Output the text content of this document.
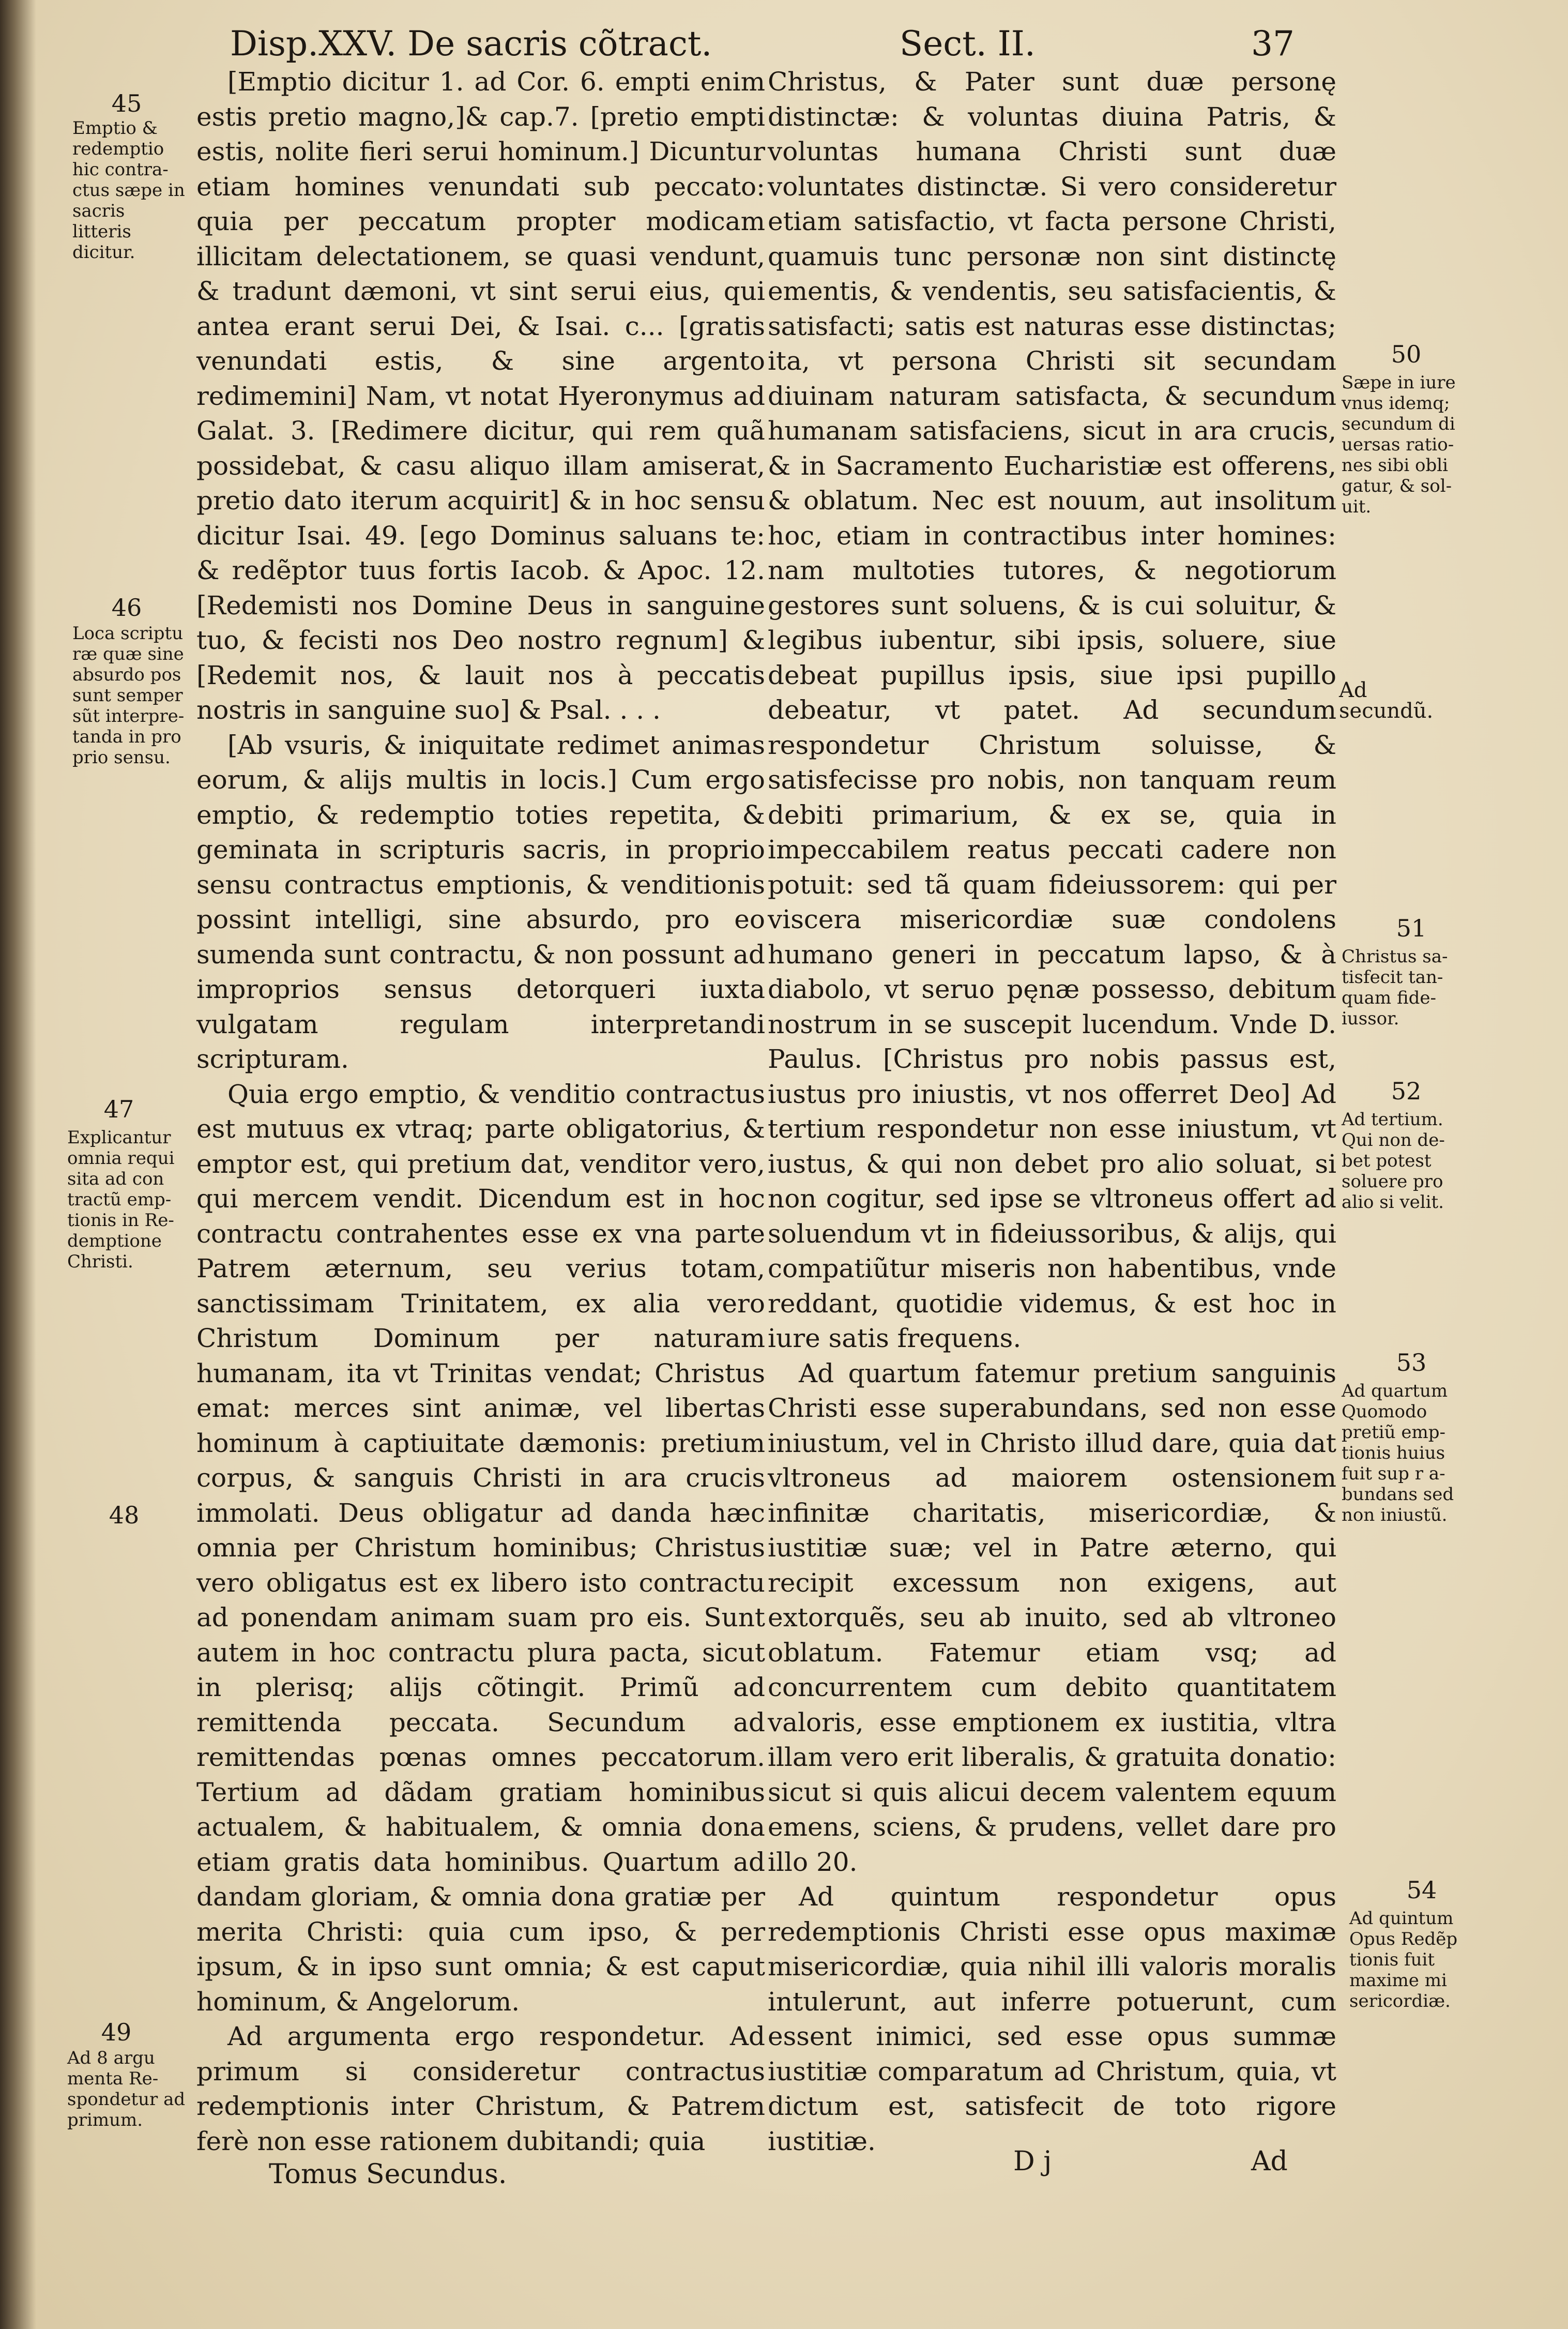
Disp.XXV. De sacris cõtract.	Sect. II.	37
45
Emptio & redemptio hic contra- ctus sæpe in sacris litteris dicitur.
46
Loca scriptu ræ quæ sine absurdo pos sunt semper sũt interpre- tanda in pro prio sensu.
47
Explicantur omnia requi sita ad con tractũ emp- tionis in Re- demptione Christi.
48
49
Ad 8 argu menta Re- spondetur ad primum.

[Emptio dicitur 1. ad Cor. 6. empti enim estis pretio magno,]& cap.7. [pretio empti estis, nolite fieri serui hominum.] Dicuntur etiam homines venundati sub peccato: quia per peccatum propter modicam illicitam delectationem, se quasi vendunt, & tradunt dæmoni, vt sint serui eius, qui antea erant serui Dei, & Isai. c... [gratis venundati estis, & sine argento redimemini] Nam, vt notat Hyeronymus ad Galat. 3. [Redimere dicitur, qui rem quã possidebat, & casu aliquo illam amiserat, pretio dato iterum acquirit] & in hoc sensu dicitur Isai. 49. [ego Dominus saluans te: & redẽptor tuus fortis Iacob. & Apoc. 12. [Redemisti nos Domine Deus in sanguine tuo, & fecisti nos Deo nostro regnum] & [Redemit nos, & lauit nos à peccatis nostris in sanguine suo] & Psal. . . .

[Ab vsuris, & iniquitate redimet animas eorum, & alijs multis in locis.] Cum ergo emptio, & redemptio toties repetita, & geminata in scripturis sacris, in proprio sensu contractus emptionis, & venditionis possint intelligi, sine absurdo, pro eo sumenda sunt contractu, & non possunt ad improprios sensus detorqueri iuxta vulgatam regulam interpretandi scripturam.

Quia ergo emptio, & venditio contractus est mutuus ex vtraq; parte obligatorius, & emptor est, qui pretium dat, venditor vero, qui mercem vendit. Dicendum est in hoc contractu contrahentes esse ex vna parte Patrem æternum, seu verius totam, sanctissimam Trinitatem, ex alia vero Christum Dominum per naturam humanam, ita vt Trinitas vendat; Christus emat: merces sint animæ, vel libertas hominum à captiuitate dæmonis: pretium corpus, & sanguis Christi in ara crucis immolati. Deus obligatur ad danda hæc omnia per Christum hominibus; Christus vero obligatus est ex libero isto contractu ad ponendam animam suam pro eis. Sunt autem in hoc contractu plura pacta, sicut in plerisq; alijs cõtingit. Primũ ad remittenda peccata. Secundum ad remittendas pœnas omnes peccatorum. Tertium ad dãdam gratiam hominibus actualem, & habitualem, & omnia dona etiam gratis data hominibus. Quartum ad dandam gloriam, & omnia dona gratiæ per merita Christi: quia cum ipso, & per ipsum, & in ipso sunt omnia; & est caput hominum, & Angelorum.

Ad argumenta ergo respondetur. Ad primum si consideretur contractus redemptionis inter Christum, & Patrem ferè non esse rationem dubitandi; quia

Christus, & Pater sunt duæ personę distinctæ: & voluntas diuina Patris, & voluntas humana Christi sunt duæ voluntates distinctæ. Si vero consideretur etiam satisfactio, vt facta persone Christi, quamuis tunc personæ non sint distinctę ementis, & vendentis, seu satisfacientis, & satisfacti; satis est naturas esse distinctas; ita, vt persona Christi sit secundam diuinam naturam satisfacta, & secundum humanam satisfaciens, sicut in ara crucis, & in Sacramento Eucharistiæ est offerens, & oblatum. Nec est nouum, aut insolitum hoc, etiam in contractibus inter homines: nam multoties tutores, & negotiorum gestores sunt soluens, & is cui soluitur, & legibus iubentur, sibi ipsis, soluere, siue debeat pupillus ipsis, siue ipsi pupillo debeatur, vt patet. Ad secundum respondetur Christum soluisse, & satisfecisse pro nobis, non tanquam reum debiti primarium, & ex se, quia in impeccabilem reatus peccati cadere non potuit: sed tã quam fideiussorem: qui per viscera misericordiæ suæ condolens humano generi in peccatum lapso, & à diabolo, vt seruo pęnæ possesso, debitum nostrum in se suscepit lucendum. Vnde D. Paulus. [Christus pro nobis passus est, iustus pro iniustis, vt nos offerret Deo] Ad tertium respondetur non esse iniustum, vt iustus, & qui non debet pro alio soluat, si non cogitur, sed ipse se vltroneus offert ad soluendum vt in fideiussoribus, & alijs, qui compatiũtur miseris non habentibus, vnde reddant, quotidie videmus, & est hoc in iure satis frequens.

Ad quartum fatemur pretium sanguinis Christi esse superabundans, sed non esse iniustum, vel in Christo illud dare, quia dat vltroneus ad maiorem ostensionem infinitæ charitatis, misericordiæ, & iustitiæ suæ; vel in Patre æterno, qui recipit excessum non exigens, aut extorquẽs, seu ab inuito, sed ab vltroneo oblatum. Fatemur etiam vsq; ad concurrentem cum debito quantitatem valoris, esse emptionem ex iustitia, vltra illam vero erit liberalis, & gratuita donatio: sicut si quis alicui decem valentem equum emens, sciens, & prudens, vellet dare pro illo 20.

Ad quintum respondetur opus redemptionis Christi esse opus maximæ misericordiæ, quia nihil illi valoris moralis intulerunt, aut inferre potuerunt, cum essent inimici, sed esse opus summæ iustitiæ comparatum ad Christum, quia, vt dictum est, satisfecit de toto rigore iustitiæ.

50
Sæpe in iure vnus idemq; secundum di uersas ratio- nes sibi obli gatur, & sol- uit.
Ad secundũ.
51
Christus sa- tisfecit tan- quam fide- iussor.
52
Ad tertium. Qui non de- bet potest soluere pro alio si velit.
53
Ad quartum Quomodo pretiũ emp- tionis huius fuit sup r a- bundans sed non iniustũ.
54
Ad quintum Opus Redẽp tionis fuit maxime mi sericordiæ.
Tomus Secundus.	D j	Ad
